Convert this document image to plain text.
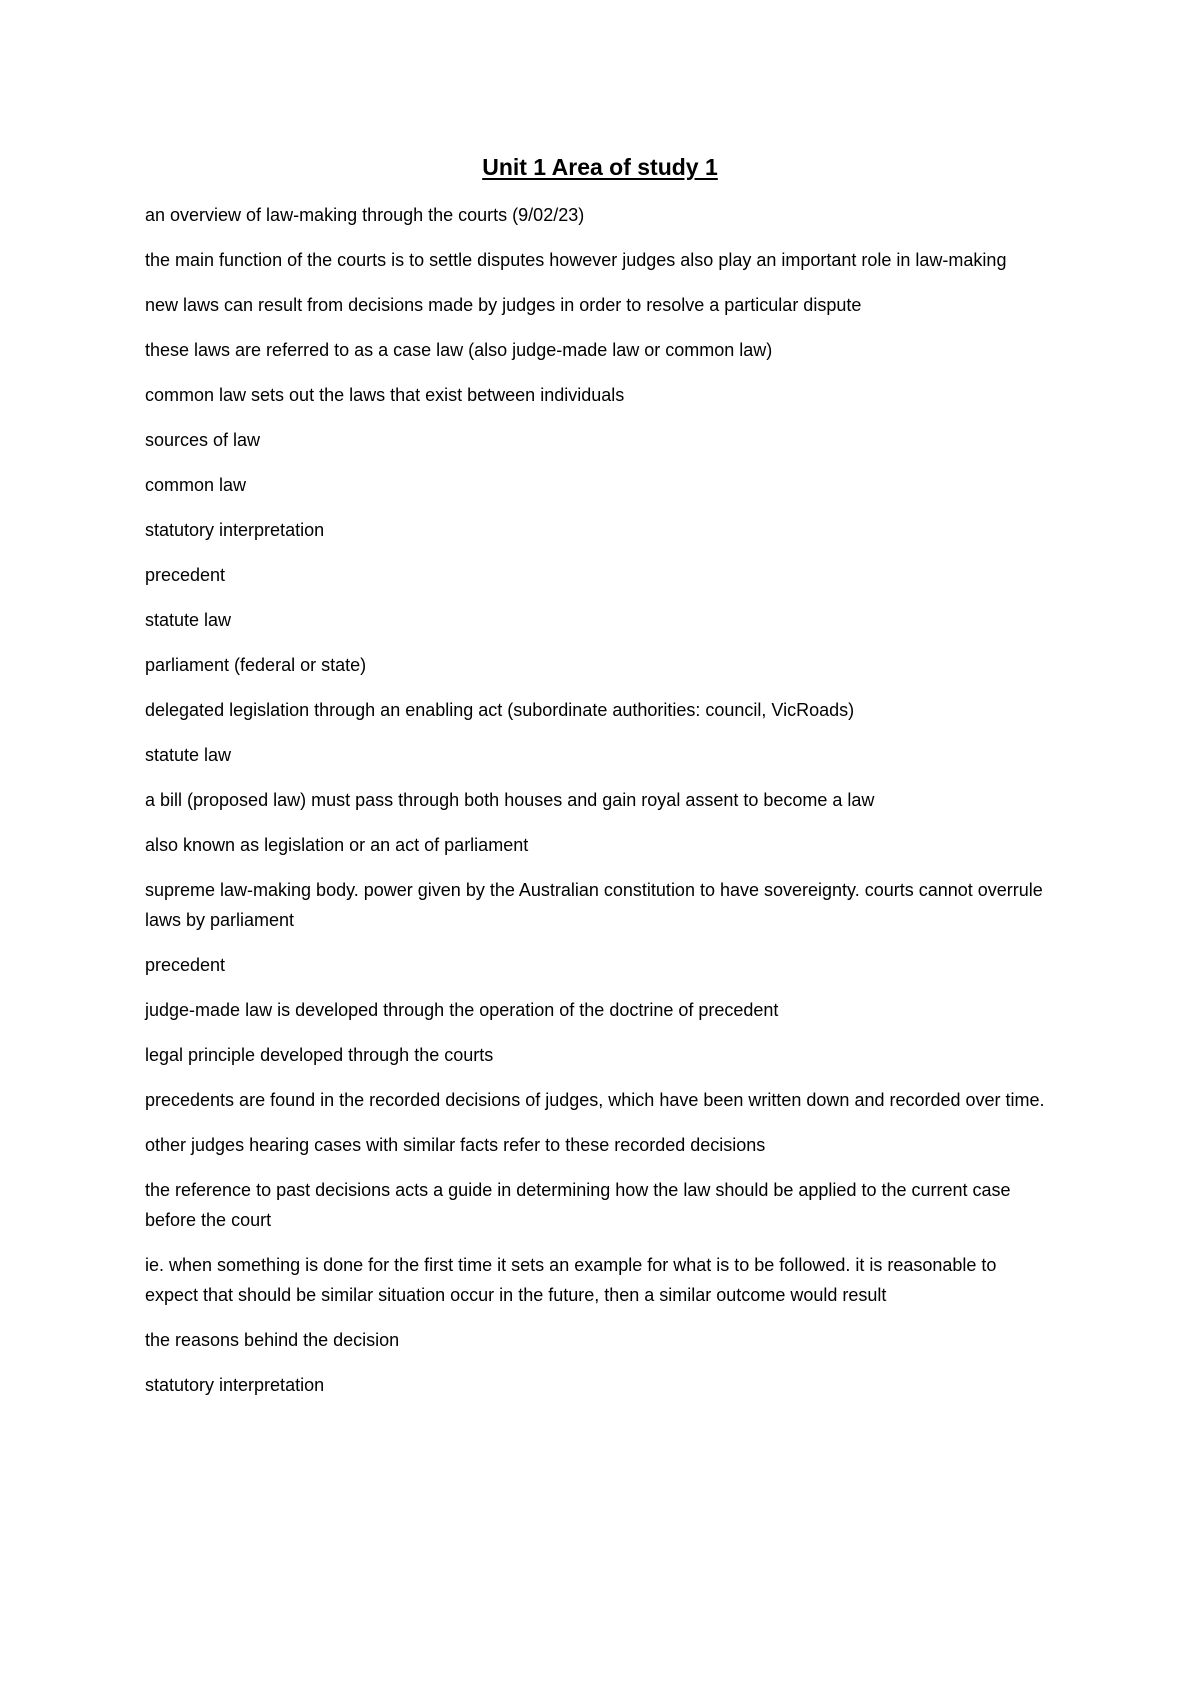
Unit 1 Area of study 1

an overview of law-making through the courts (9/02/23)

the main function of the courts is to settle disputes however judges also play an important role in law-making

new laws can result from decisions made by judges in order to resolve a particular dispute

these laws are referred to as a case law (also judge-made law or common law)

common law sets out the laws that exist between individuals

sources of law

common law

statutory interpretation

precedent

statute law

parliament (federal or state)

delegated legislation through an enabling act (subordinate authorities: council, VicRoads)

statute law

a bill (proposed law) must pass through both houses and gain royal assent to become a law

also known as legislation or an act of parliament

supreme law-making body. power given by the Australian constitution to have sovereignty. courts cannot overrule laws by parliament

precedent

judge-made law is developed through the operation of the doctrine of precedent

legal principle developed through the courts

precedents are found in the recorded decisions of judges, which have been written down and recorded over time.

other judges hearing cases with similar facts refer to these recorded decisions

the reference to past decisions acts a guide in determining how the law should be applied to the current case before the court

ie. when something is done for the first time it sets an example for what is to be followed. it is reasonable to expect that should be similar situation occur in the future, then a similar outcome would result

the reasons behind the decision

statutory interpretation
